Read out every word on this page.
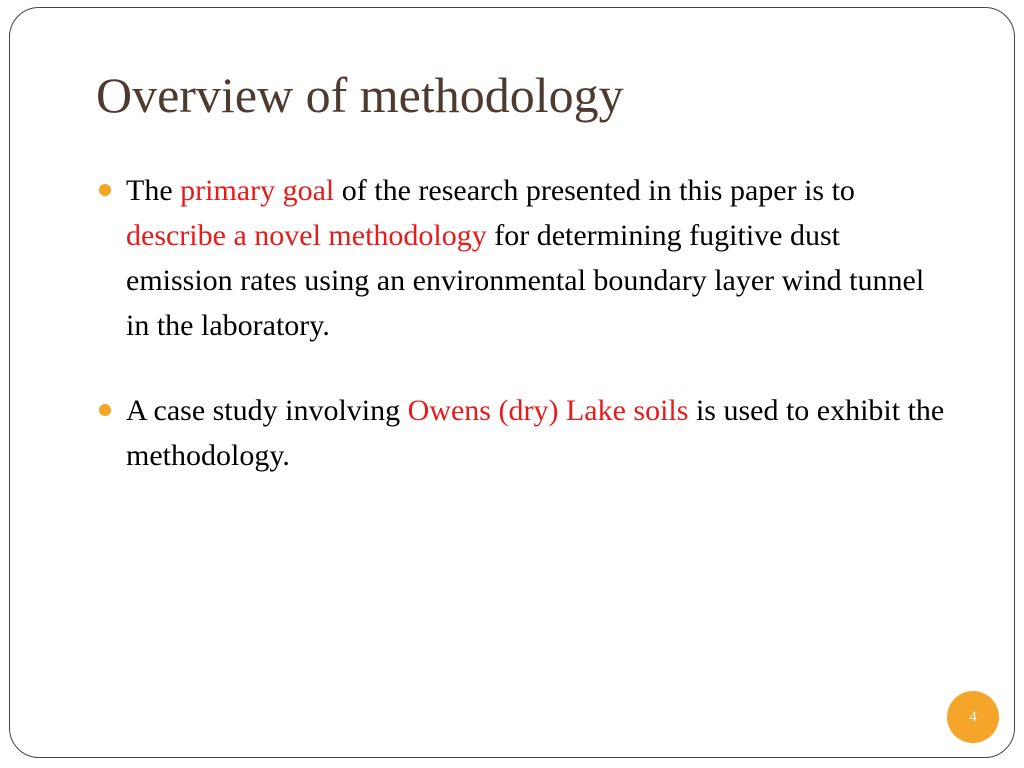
Overview of methodology
The primary goal of the research presented in this paper is to describe a novel methodology for determining fugitive dust emission rates using an environmental boundary layer wind tunnel in the laboratory.
A case study involving Owens (dry) Lake soils is used to exhibit the methodology.
4
